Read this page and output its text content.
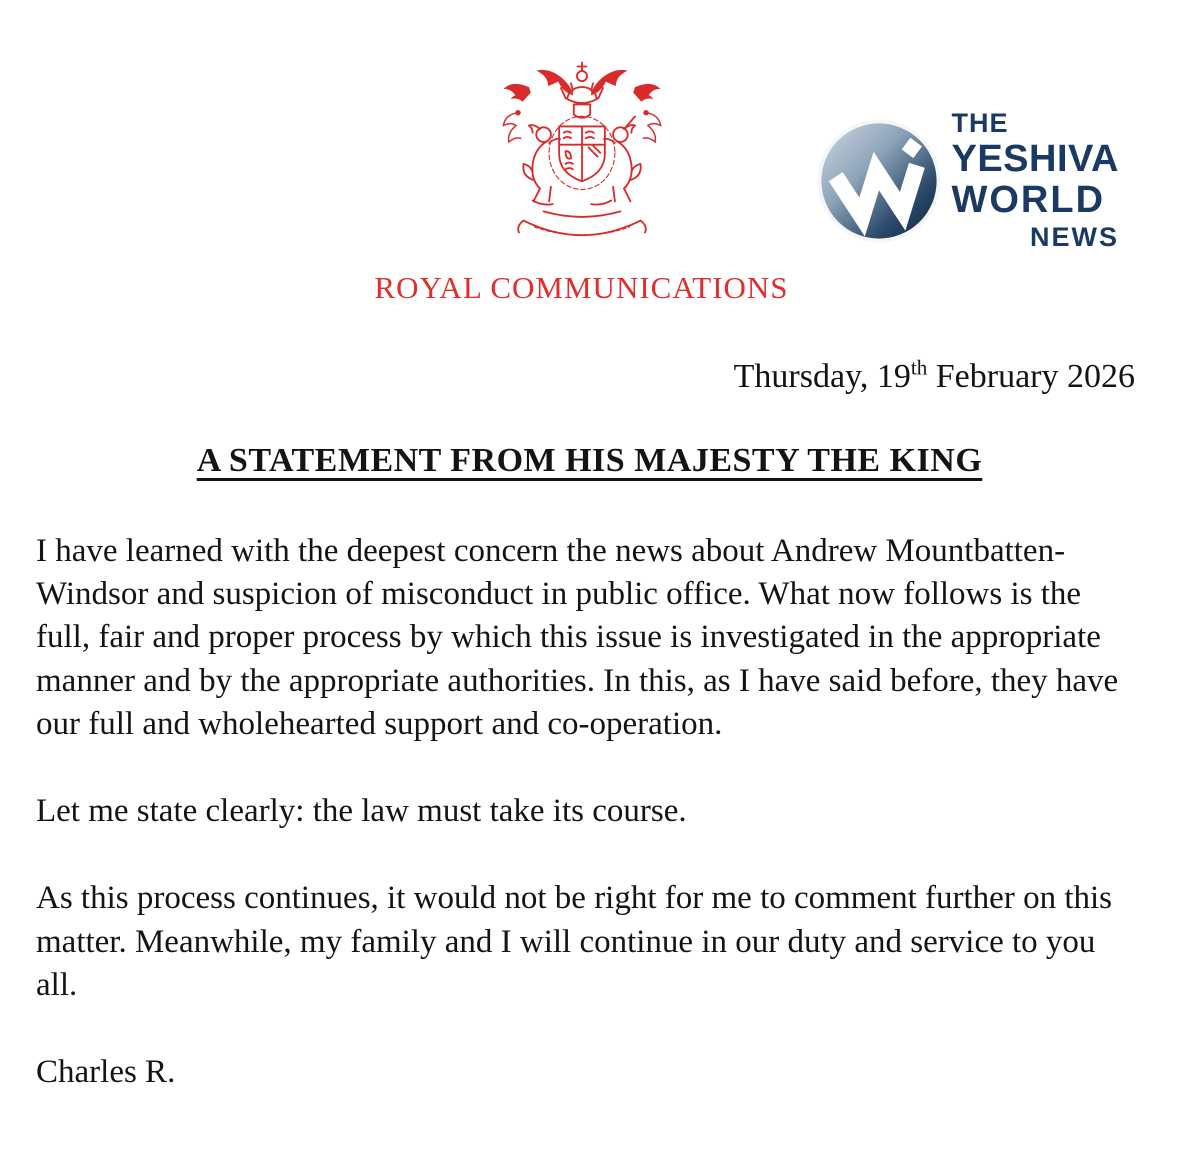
ROYAL COMMUNICATIONS
THE
YESHIVA
WORLD
NEWS
Thursday, 19th February 2026
A STATEMENT FROM HIS MAJESTY THE KING

I have learned with the deepest concern the news about Andrew Mountbatten-Windsor and suspicion of misconduct in public office. What now follows is the full, fair and proper process by which this issue is investigated in the appropriate manner and by the appropriate authorities. In this, as I have said before, they have our full and wholehearted support and co-operation.

Let me state clearly: the law must take its course.

As this process continues, it would not be right for me to comment further on this matter. Meanwhile, my family and I will continue in our duty and service to you all.

Charles R.
